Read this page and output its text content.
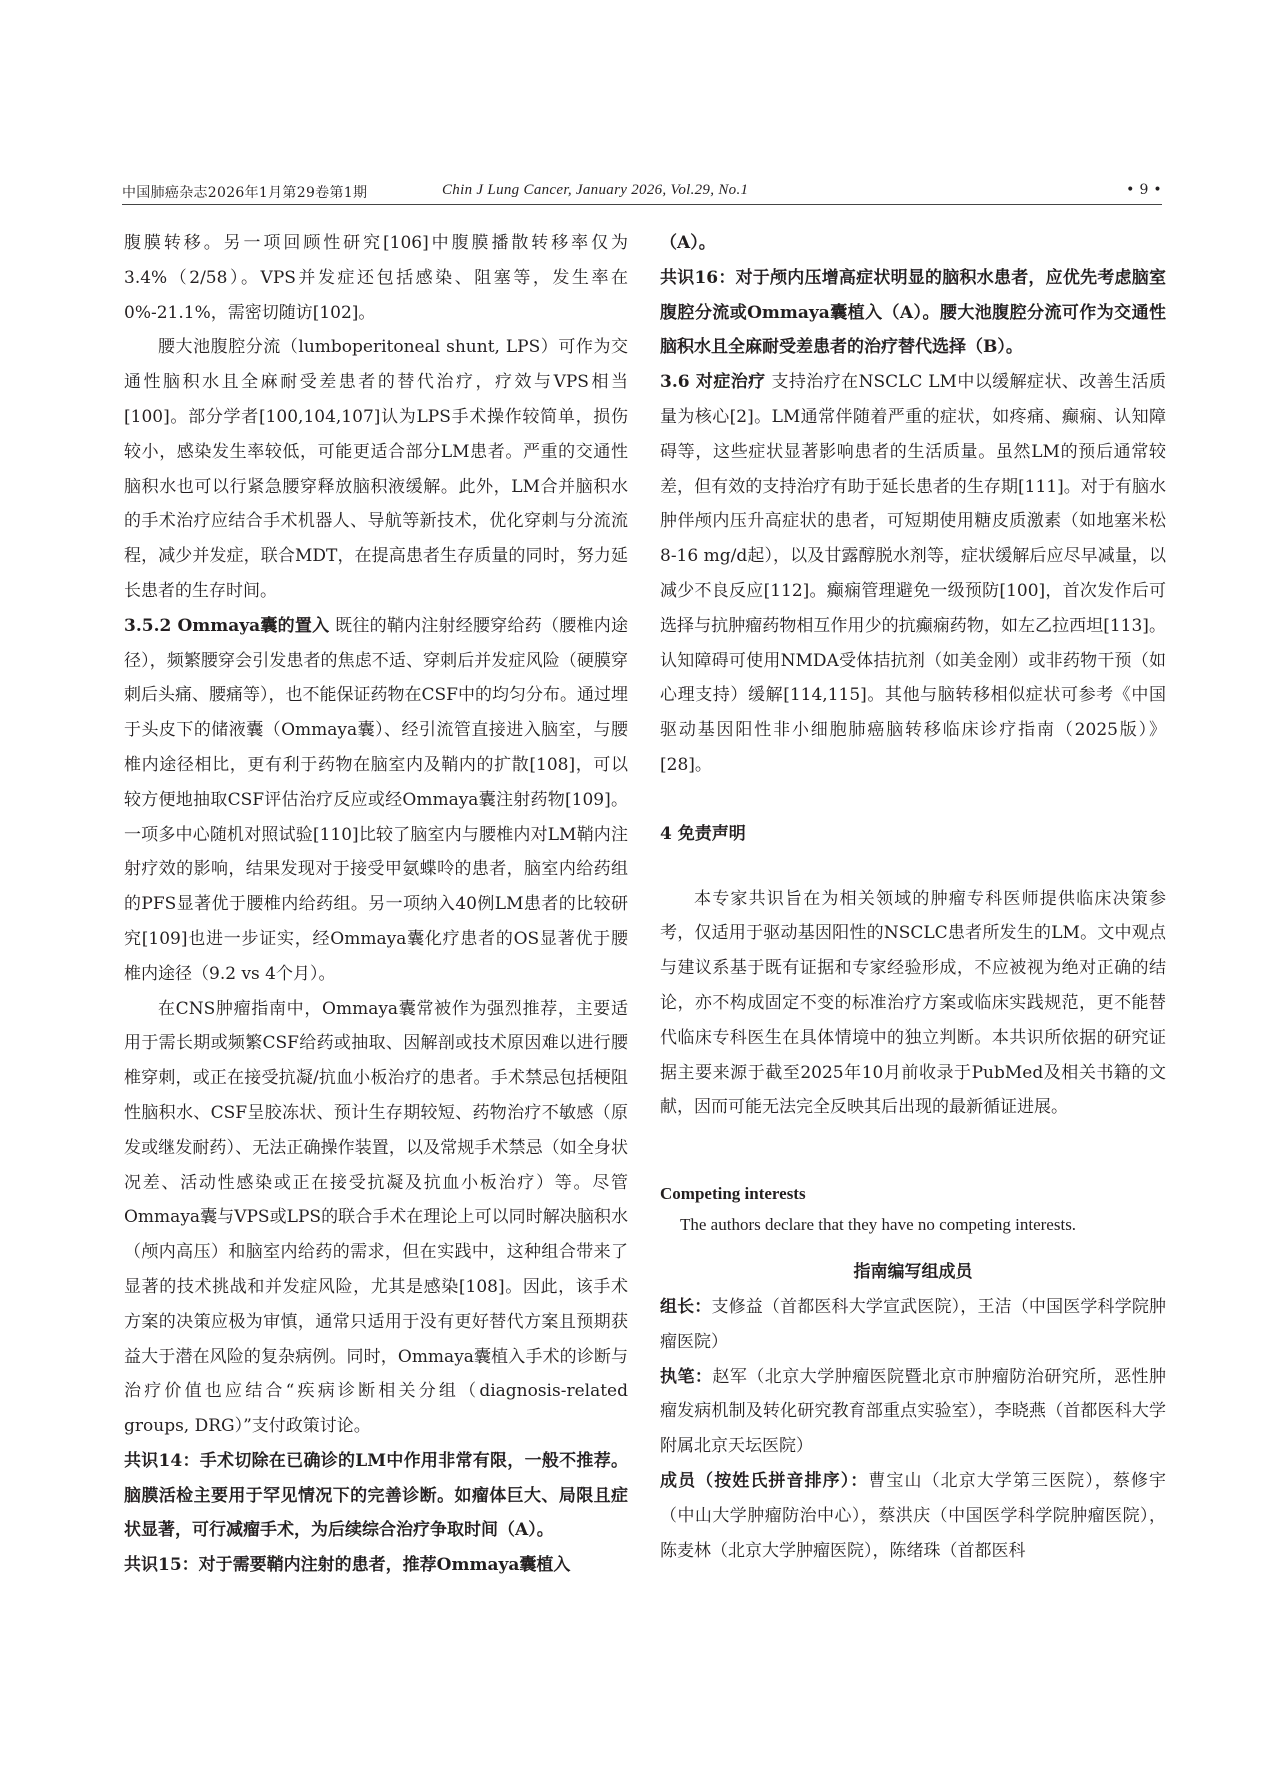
中国肺癌杂志2026年1月第29卷第1期	Chin J Lung Cancer, January 2026, Vol.29, No.1	• 9 •

腹膜转移。另一项回顾性研究[106]中腹膜播散转移率仅为3.4%（2/58）。VPS并发症还包括感染、阻塞等，发生率在0%-21.1%，需密切随访[102]。

腰大池腹腔分流（lumboperitoneal shunt, LPS）可作为交通性脑积水且全麻耐受差患者的替代治疗，疗效与VPS相当[100]。部分学者[100,104,107]认为LPS手术操作较简单，损伤较小，感染发生率较低，可能更适合部分LM患者。严重的交通性脑积水也可以行紧急腰穿释放脑积液缓解。此外，LM合并脑积水的手术治疗应结合手术机器人、导航等新技术，优化穿刺与分流流程，减少并发症，联合MDT，在提高患者生存质量的同时，努力延长患者的生存时间。

3.5.2 Ommaya囊的置入 既往的鞘内注射经腰穿给药（腰椎内途径），频繁腰穿会引发患者的焦虑不适、穿刺后并发症风险（硬膜穿刺后头痛、腰痛等），也不能保证药物在CSF中的均匀分布。通过埋于头皮下的储液囊（Ommaya囊）、经引流管直接进入脑室，与腰椎内途径相比，更有利于药物在脑室内及鞘内的扩散[108]，可以较方便地抽取CSF评估治疗反应或经Ommaya囊注射药物[109]。一项多中心随机对照试验[110]比较了脑室内与腰椎内对LM鞘内注射疗效的影响，结果发现对于接受甲氨蝶呤的患者，脑室内给药组的PFS显著优于腰椎内给药组。另一项纳入40例LM患者的比较研究[109]也进一步证实，经Ommaya囊化疗患者的OS显著优于腰椎内途径（9.2 vs 4个月）。

在CNS肿瘤指南中，Ommaya囊常被作为强烈推荐，主要适用于需长期或频繁CSF给药或抽取、因解剖或技术原因难以进行腰椎穿刺，或正在接受抗凝/抗血小板治疗的患者。手术禁忌包括梗阻性脑积水、CSF呈胶冻状、预计生存期较短、药物治疗不敏感（原发或继发耐药）、无法正确操作装置，以及常规手术禁忌（如全身状况差、活动性感染或正在接受抗凝及抗血小板治疗）等。尽管Ommaya囊与VPS或LPS的联合手术在理论上可以同时解决脑积水（颅内高压）和脑室内给药的需求，但在实践中，这种组合带来了显著的技术挑战和并发症风险，尤其是感染[108]。因此，该手术方案的决策应极为审慎，通常只适用于没有更好替代方案且预期获益大于潜在风险的复杂病例。同时，Ommaya囊植入手术的诊断与治疗价值也应结合“疾病诊断相关分组（diagnosis-related groups, DRG）”支付政策讨论。

共识14：手术切除在已确诊的LM中作用非常有限，一般不推荐。脑膜活检主要用于罕见情况下的完善诊断。如瘤体巨大、局限且症状显著，可行减瘤手术，为后续综合治疗争取时间（A）。

共识15：对于需要鞘内注射的患者，推荐Ommaya囊植入

（A）。

共识16：对于颅内压增高症状明显的脑积水患者，应优先考虑脑室腹腔分流或Ommaya囊植入（A）。腰大池腹腔分流可作为交通性脑积水且全麻耐受差患者的治疗替代选择（B）。

3.6 对症治疗 支持治疗在NSCLC LM中以缓解症状、改善生活质量为核心[2]。LM通常伴随着严重的症状，如疼痛、癫痫、认知障碍等，这些症状显著影响患者的生活质量。虽然LM的预后通常较差，但有效的支持治疗有助于延长患者的生存期[111]。对于有脑水肿伴颅内压升高症状的患者，可短期使用糖皮质激素（如地塞米松8-16 mg/d起），以及甘露醇脱水剂等，症状缓解后应尽早减量，以减少不良反应[112]。癫痫管理避免一级预防[100]，首次发作后可选择与抗肿瘤药物相互作用少的抗癫痫药物，如左乙拉西坦[113]。认知障碍可使用NMDA受体拮抗剂（如美金刚）或非药物干预（如心理支持）缓解[114,115]。其他与脑转移相似症状可参考《中国驱动基因阳性非小细胞肺癌脑转移临床诊疗指南（2025版）》[28]。

4 免责声明

本专家共识旨在为相关领域的肿瘤专科医师提供临床决策参考，仅适用于驱动基因阳性的NSCLC患者所发生的LM。文中观点与建议系基于既有证据和专家经验形成，不应被视为绝对正确的结论，亦不构成固定不变的标准治疗方案或临床实践规范，更不能替代临床专科医生在具体情境中的独立判断。本共识所依据的研究证据主要来源于截至2025年10月前收录于PubMed及相关书籍的文献，因而可能无法完全反映其后出现的最新循证进展。

Competing interests

The authors declare that they have no competing interests.

指南编写组成员

组长：支修益（首都医科大学宣武医院），王洁（中国医学科学院肿瘤医院）

执笔：赵军（北京大学肿瘤医院暨北京市肿瘤防治研究所，恶性肿瘤发病机制及转化研究教育部重点实验室），李晓燕（首都医科大学附属北京天坛医院）

成员（按姓氏拼音排序）：曹宝山（北京大学第三医院），蔡修宇（中山大学肿瘤防治中心），蔡洪庆（中国医学科学院肿瘤医院），陈麦林（北京大学肿瘤医院），陈绪珠（首都医科
